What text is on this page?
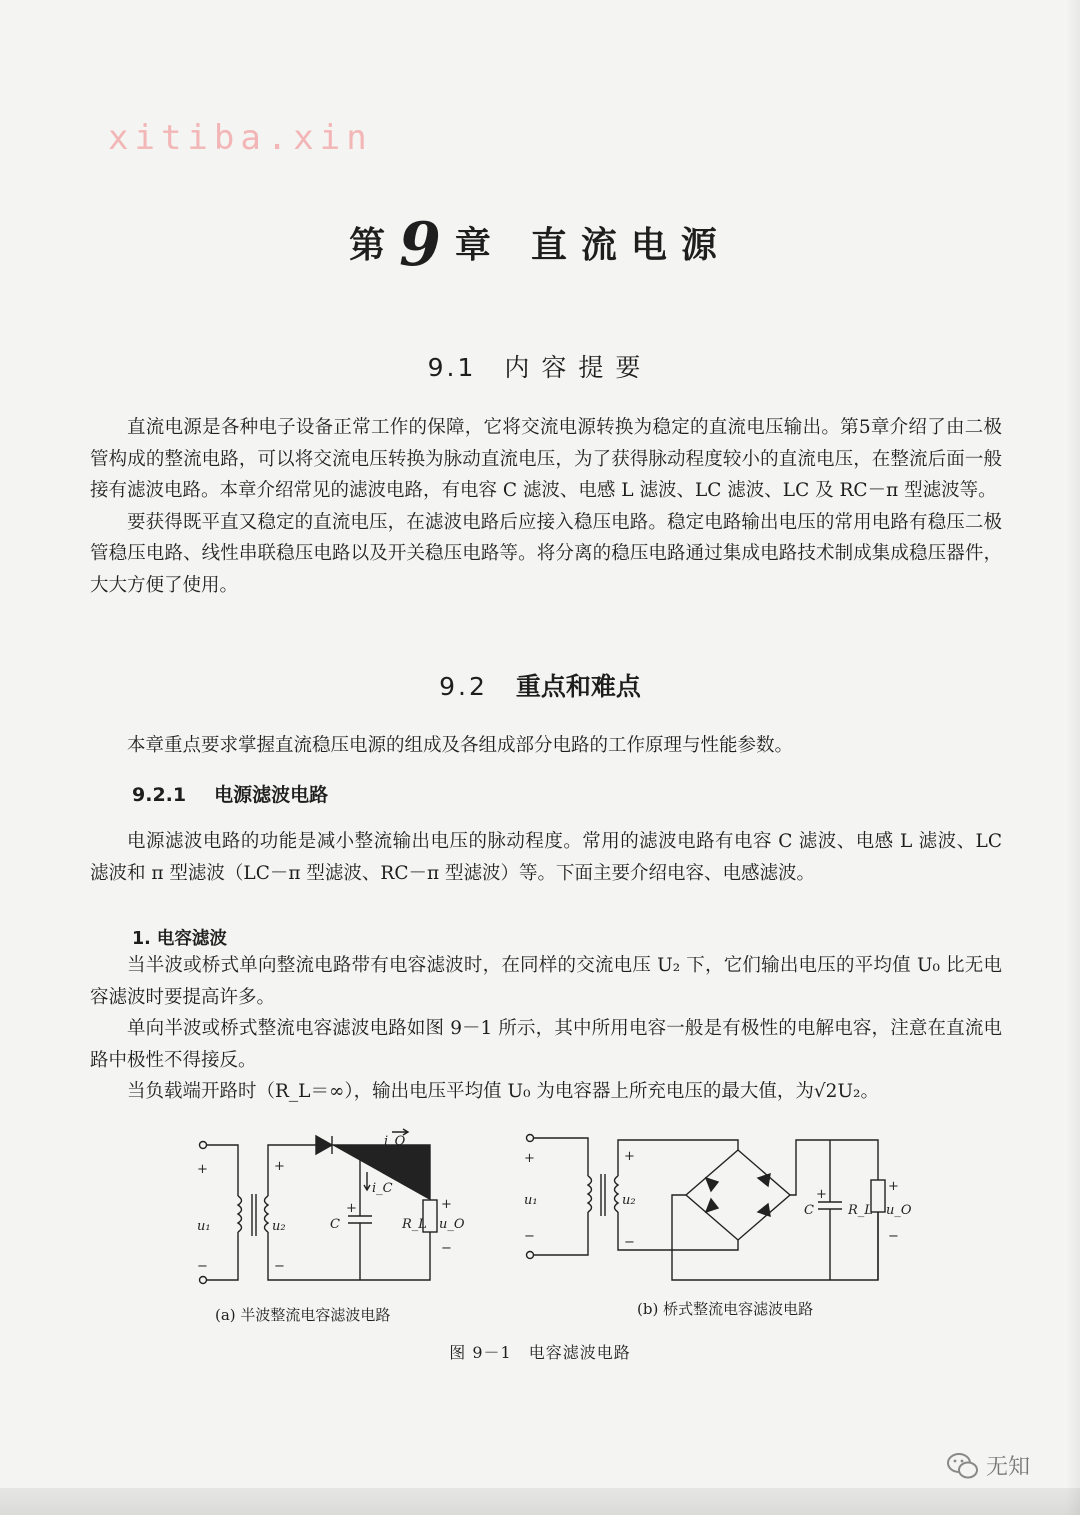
xitiba.xin
第 9 章 直流电源
9.1 内容提要

直流电源是各种电子设备正常工作的保障，它将交流电源转换为稳定的直流电压输出。第5章介绍了由二极管构成的整流电路，可以将交流电压转换为脉动直流电压，为了获得脉动程度较小的直流电压，在整流后面一般接有滤波电路。本章介绍常见的滤波电路，有电容 C 滤波、电感 L 滤波、LC 滤波、LC 及 RC－π 型滤波等。

要获得既平直又稳定的直流电压，在滤波电路后应接入稳压电路。稳定电路输出电压的常用电路有稳压二极管稳压电路、线性串联稳压电路以及开关稳压电路等。将分离的稳压电路通过集成电路技术制成集成稳压器件，大大方便了使用。

9.2 重点和难点

本章重点要求掌握直流稳压电源的组成及各组成部分电路的工作原理与性能参数。

9.2.1 电源滤波电路

电源滤波电路的功能是减小整流输出电压的脉动程度。常用的滤波电路有电容 C 滤波、电感 L 滤波、LC 滤波和 π 型滤波（LC－π 型滤波、RC－π 型滤波）等。下面主要介绍电容、电感滤波。

1. 电容滤波

当半波或桥式单向整流电路带有电容滤波时，在同样的交流电压 U₂ 下，它们输出电压的平均值 U₀ 比无电容滤波时要提高许多。

单向半波或桥式整流电容滤波电路如图 9－1 所示，其中所用电容一般是有极性的电解电容，注意在直流电路中极性不得接反。

当负载端开路时（R_L＝∞），输出电压平均值 U₀ 为电容器上所充电压的最大值，为√2U₂。

+
u₁
−
+
u₂
−
i_O
i_C
C
+
R_L
+
u_O
−
+
u₁
−
+
u₂
−
C
+
R_L
+
u_O
−
(a) 半波整流电容滤波电路	(b) 桥式整流电容滤波电路
图 9－1　电容滤波电路
无知
